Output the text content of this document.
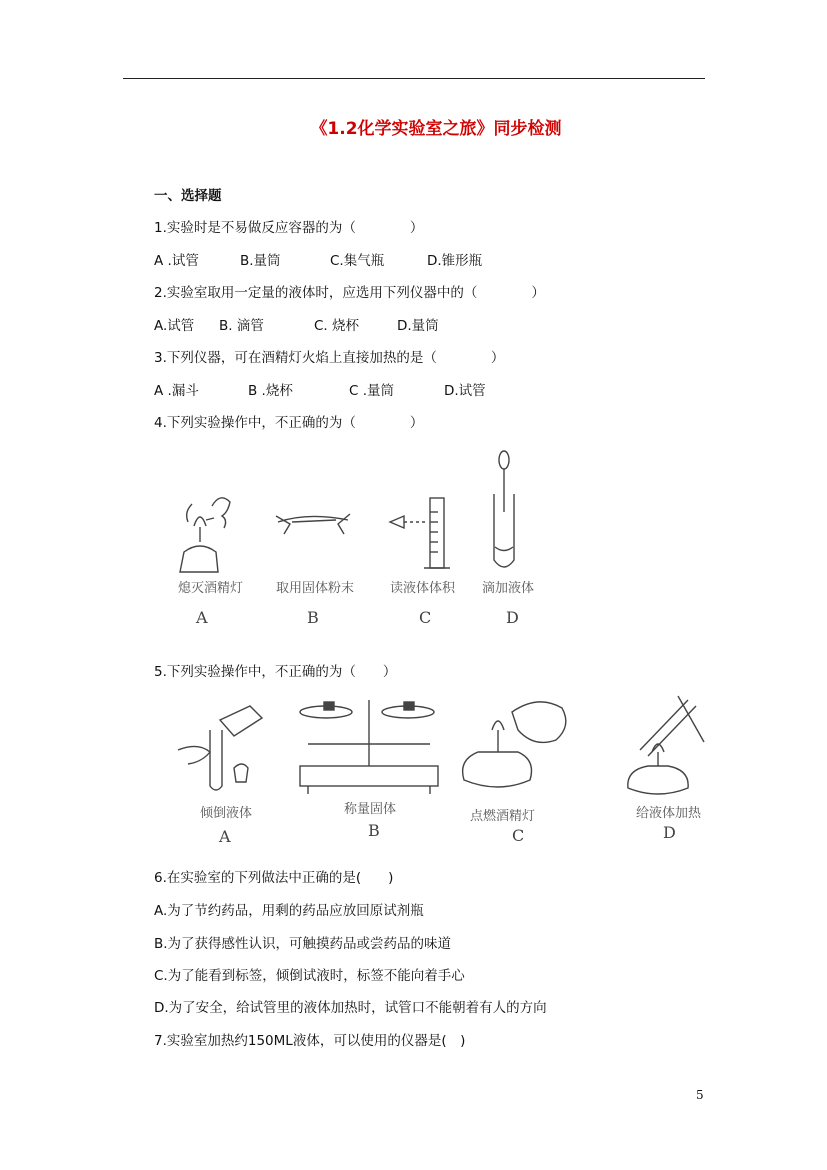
《1.2化学实验室之旅》同步检测
一、选择题
1.实验时是不易做反应容器的为（　　　　）
A .试管	B.量筒	C.集气瓶	D.锥形瓶
2.实验室取用一定量的液体时，应选用下列仪器中的（　　　　）
A.试管 B. 滴管	C. 烧杯	D.量筒
3.下列仪器，可在酒精灯火焰上直接加热的是（　　　　）
A .漏斗	B .烧杯	C .量筒	D.试管
4.下列实验操作中，不正确的为（　　　　）
熄灭酒精灯	取用固体粉末	读液体体积 滴加液体
A	B	C	D
5.下列实验操作中，不正确的为（　　）
倾倒液体	称量固体	点燃酒精灯	给液体加热
A	B	C	D
6.在实验室的下列做法中正确的是(　　)
A.为了节约药品，用剩的药品应放回原试剂瓶
B.为了获得感性认识，可触摸药品或尝药品的味道
C.为了能看到标签，倾倒试液时，标签不能向着手心
D.为了安全，给试管里的液体加热时，试管口不能朝着有人的方向
7.实验室加热约150ML液体，可以使用的仪器是(　)
5
